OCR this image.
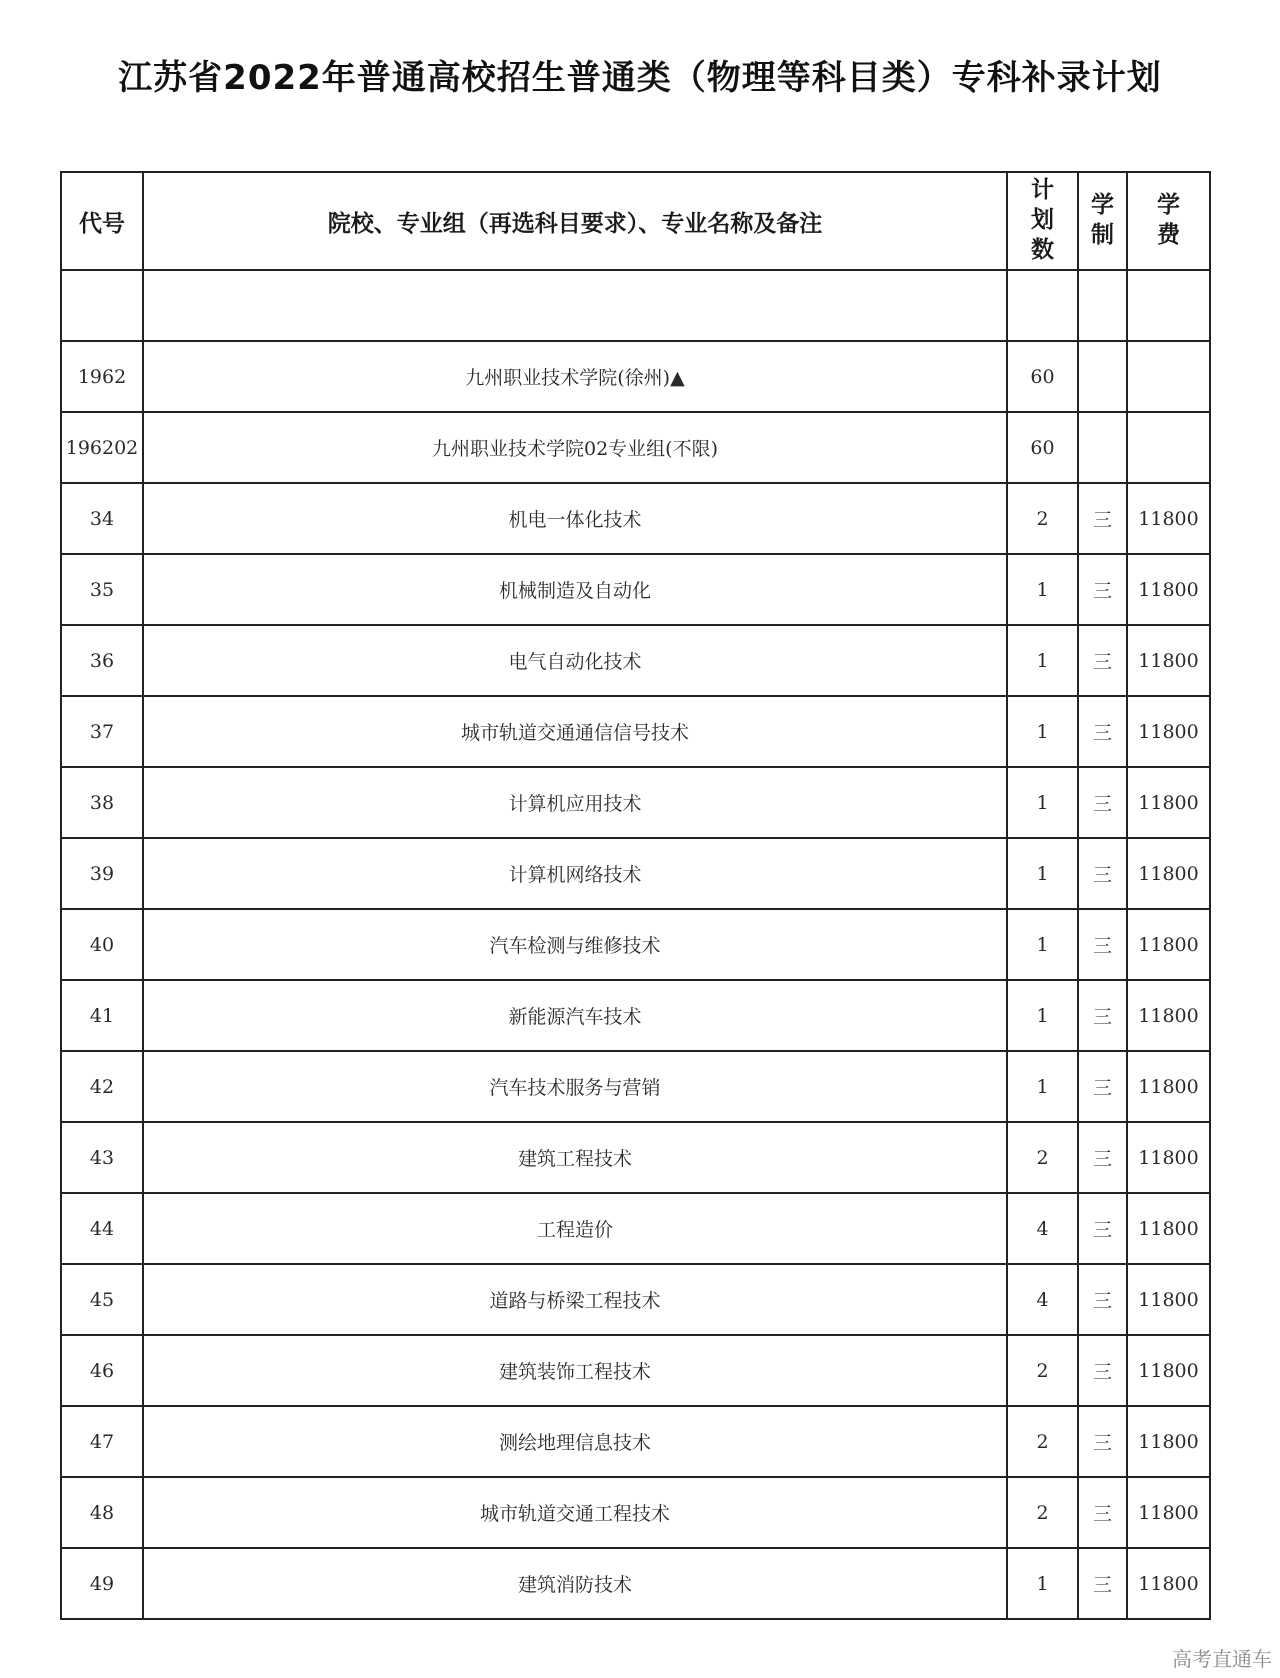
江苏省2022年普通高校招生普通类（物理等科目类）专科补录计划
代号	院校、专业组（再选科目要求）、专业名称及备注	计划数	学制	学费

1962	九州职业技术学院(徐州)▲	60		
196202	九州职业技术学院02专业组(不限)	60		
34	机电一体化技术	2	三	11800
35	机械制造及自动化	1	三	11800
36	电气自动化技术	1	三	11800
37	城市轨道交通通信信号技术	1	三	11800
38	计算机应用技术	1	三	11800
39	计算机网络技术	1	三	11800
40	汽车检测与维修技术	1	三	11800
41	新能源汽车技术	1	三	11800
42	汽车技术服务与营销	1	三	11800
43	建筑工程技术	2	三	11800
44	工程造价	4	三	11800
45	道路与桥梁工程技术	4	三	11800
46	建筑装饰工程技术	2	三	11800
47	测绘地理信息技术	2	三	11800
48	城市轨道交通工程技术	2	三	11800
49	建筑消防技术	1	三	11800
高考直通车
